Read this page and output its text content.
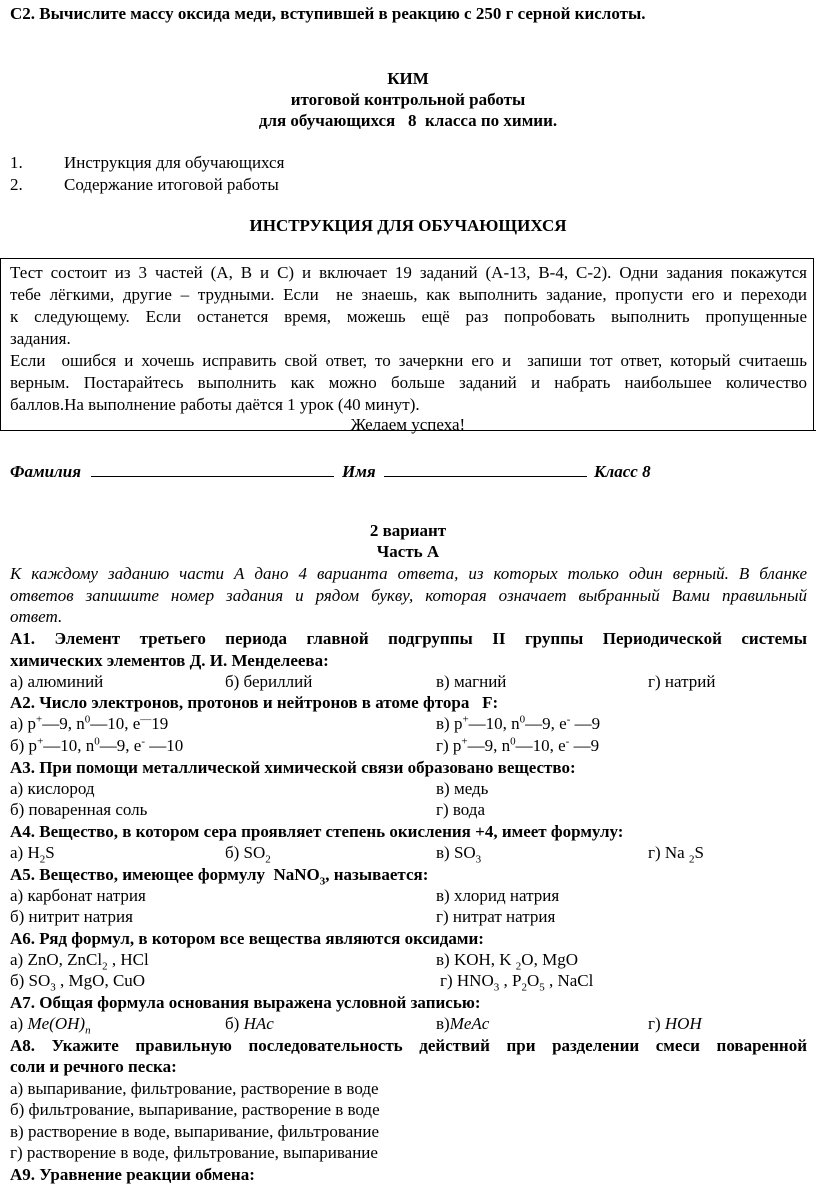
С2. Вычислите массу оксида меди, вступившей в реакцию с 250 г серной кислоты.
КИМ
итоговой контрольной работы
для обучающихся   8  класса по химии.
1. Инструкция для обучающихся
2. Содержание итоговой работы
ИНСТРУКЦИЯ ДЛЯ ОБУЧАЮЩИХСЯ
Тест состоит из 3 частей (А, В и С) и включает 19 заданий (А-13, В-4, С-2). Одни задания покажутся
тебе лёгкими, другие – трудными. Если  не знаешь, как выполнить задание, пропусти его и переходи
к следующему. Если останется время, можешь ещё раз попробовать выполнить пропущенные
задания.
Если  ошибся и хочешь исправить свой ответ, то зачеркни его и  запиши тот ответ, который считаешь
верным. Постарайтесь выполнить как можно больше заданий и набрать наибольшее количество
баллов.На выполнение работы даётся 1 урок (40 минут).
Желаем успеха!
Фамилия	Имя	Класс 8
2 вариант
Часть А
К каждому заданию части А дано 4 варианта ответа, из которых только один верный. В бланке
ответов запишите номер задания и рядом букву, которая означает выбранный Вами правильный
ответ.
А1. Элемент третьего периода главной подгруппы II группы Периодической системы
химических элементов Д. И. Менделеева:
а) алюминий	б) бериллий	в) магний	г) натрий
А2. Число электронов, протонов и нейтронов в атоме фтора   F:
а) p+—9, $n^0—10$, e—19	в) p+—10, $n^0—9$, e- —9
б) p+—10, $n^0—9$, e- —10	г) p+—9, $n^0—10$, e- —9
А3. При помощи металлической химической связи образовано вещество:
а) кислород	в) медь
б) поваренная соль	г) вода
А4. Вещество, в котором сера проявляет степень окисления +4, имеет формулу:
а) $H_2S$	б) $SO_2$	в) $SO_3$	г) Na $_2$S
А5. Вещество, имеющее формулу  NaNO$_3$, называется:
а) карбонат натрия	в) хлорид натрия
б) нитрит натрия	г) нитрат натрия
А6. Ряд формул, в котором все вещества являются оксидами:
а) ZnO, ZnCl$_2$ , HCl	в) KOH, K $_2$O, MgO
б) $SO_3$ , MgO, CuO	г) $HNO_3$ , $P_2O_5$ , NaCl
А7. Общая формула основания выражена условной записью:
а) $Me(OH)_n$	б) HAc	в)MeAc	г) HOH
А8. Укажите правильную последовательность действий при разделении смеси поваренной
соли и речного песка:
а) выпаривание, фильтрование, растворение в воде
б) фильтрование, выпаривание, растворение в воде
в) растворение в воде, выпаривание, фильтрование
г) растворение в воде, фильтрование, выпаривание
А9. Уравнение реакции обмена:
